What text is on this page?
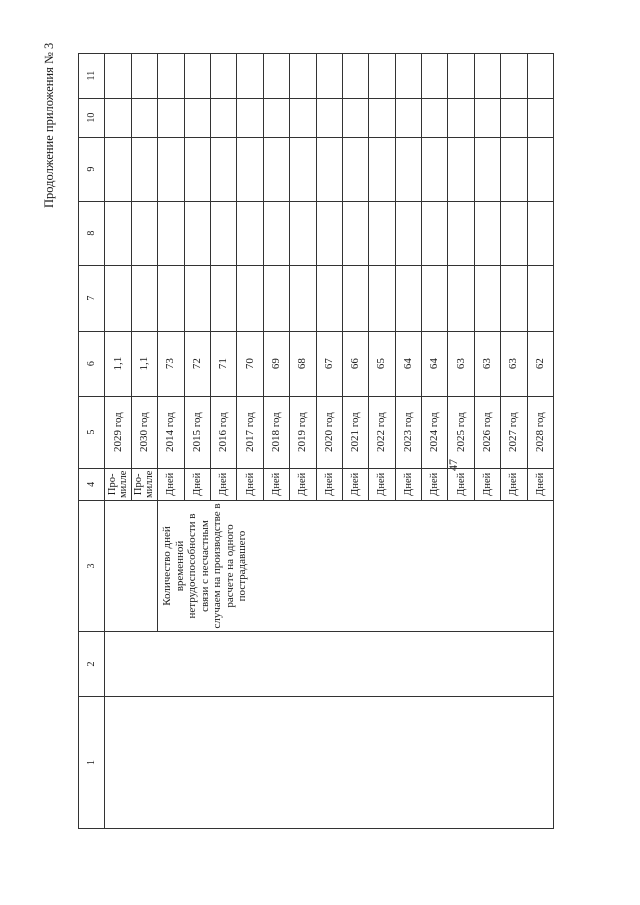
47
Продолжение приложения № 3
1	2	3	4	5	6	7	8	9	10	11
			Про-милле	2029 год	1,1					
			Про-милле	2030 год	1,1					
		Количество дней временной нетрудоспособности в связи с несчастным случаем на производстве в расчете на одного пострадавшего	Дней	2014 год	73					
			Дней	2015 год	72					
			Дней	2016 год	71					
			Дней	2017 год	70					
			Дней	2018 год	69					
			Дней	2019 год	68					
			Дней	2020 год	67					
			Дней	2021 год	66					
			Дней	2022 год	65					
			Дней	2023 год	64					
			Дней	2024 год	64					
			Дней	2025 год	63					
			Дней	2026 год	63					
			Дней	2027 год	63					
			Дней	2028 год	62					
